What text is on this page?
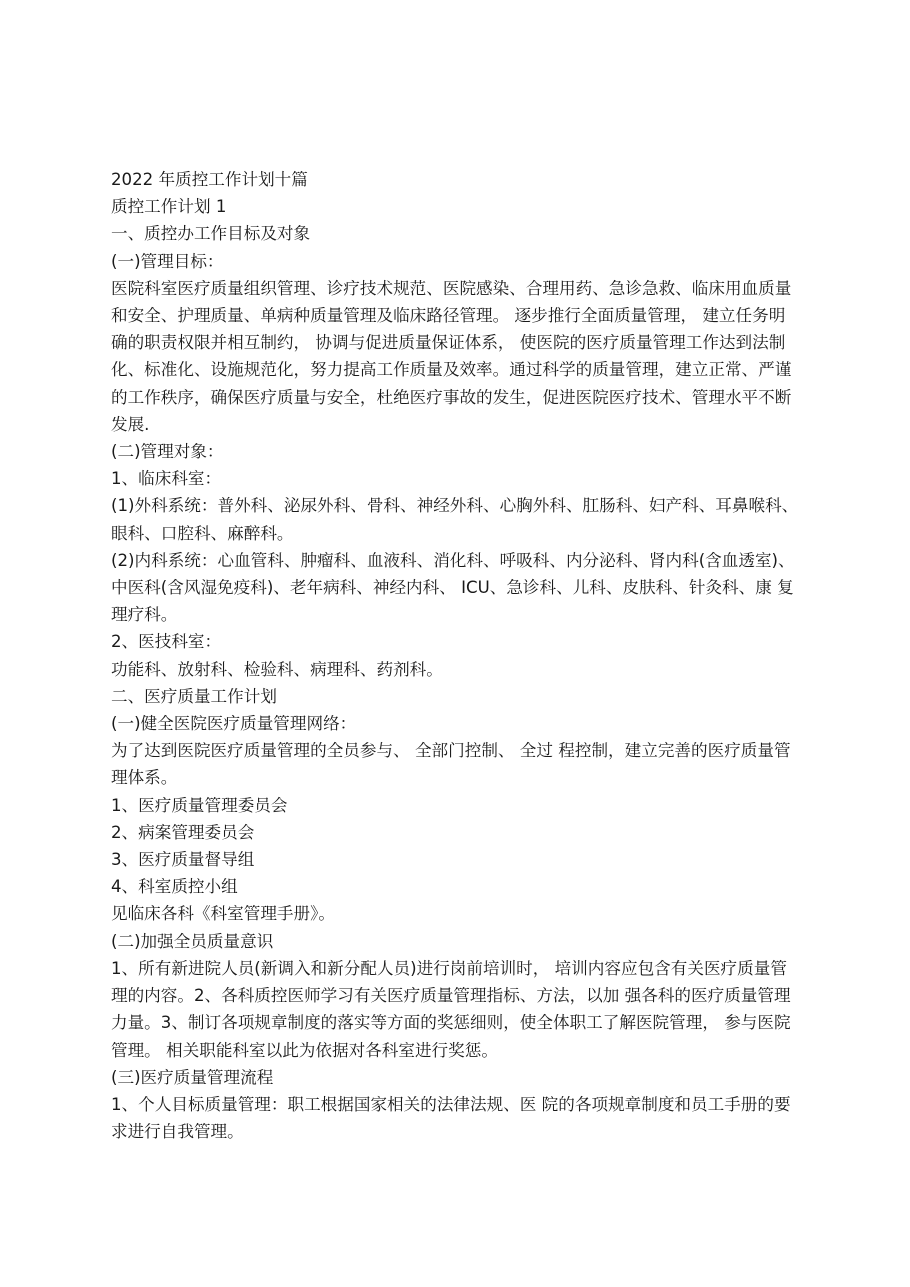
2022 年质控工作计划十篇

质控工作计划 1

一、质控办工作目标及对象

(一)管理目标：

医院科室医疗质量组织管理、诊疗技术规范、医院感染、合理用药、急诊急救、临床用血质量和安全、护理质量、单病种质量管理及临床路径管理。 逐步推行全面质量管理， 建立任务明确的职责权限并相互制约， 协调与促进质量保证体系， 使医院的医疗质量管理工作达到法制化、标准化、设施规范化，努力提高工作质量及效率。通过科学的质量管理，建立正常、严谨的工作秩序，确保医疗质量与安全，杜绝医疗事故的发生，促进医院医疗技术、管理水平不断发展.

(二)管理对象：

1、临床科室：

(1)外科系统：普外科、泌尿外科、骨科、神经外科、心胸外科、肛肠科、妇产科、耳鼻喉科、眼科、口腔科、麻醉科。

(2)内科系统：心血管科、肿瘤科、血液科、消化科、呼吸科、内分泌科、肾内科(含血透室)、中医科(含风湿免疫科)、老年病科、神经内科、 ICU、急诊科、儿科、皮肤科、针灸科、康 复理疗科。

2、医技科室：

功能科、放射科、检验科、病理科、药剂科。

二、医疗质量工作计划

(一)健全医院医疗质量管理网络：

为了达到医院医疗质量管理的全员参与、 全部门控制、 全过 程控制，建立完善的医疗质量管理体系。

1、医疗质量管理委员会

2、病案管理委员会

3、医疗质量督导组

4、科室质控小组

见临床各科《科室管理手册》。

(二)加强全员质量意识

1、所有新进院人员(新调入和新分配人员)进行岗前培训时， 培训内容应包含有关医疗质量管理的内容。2、各科质控医师学习有关医疗质量管理指标、方法，以加 强各科的医疗质量管理力量。3、制订各项规章制度的落实等方面的奖惩细则，使全体职工了解医院管理， 参与医院管理。 相关职能科室以此为依据对各科室进行奖惩。

(三)医疗质量管理流程

1、个人目标质量管理：职工根据国家相关的法律法规、医 院的各项规章制度和员工手册的要求进行自我管理。
